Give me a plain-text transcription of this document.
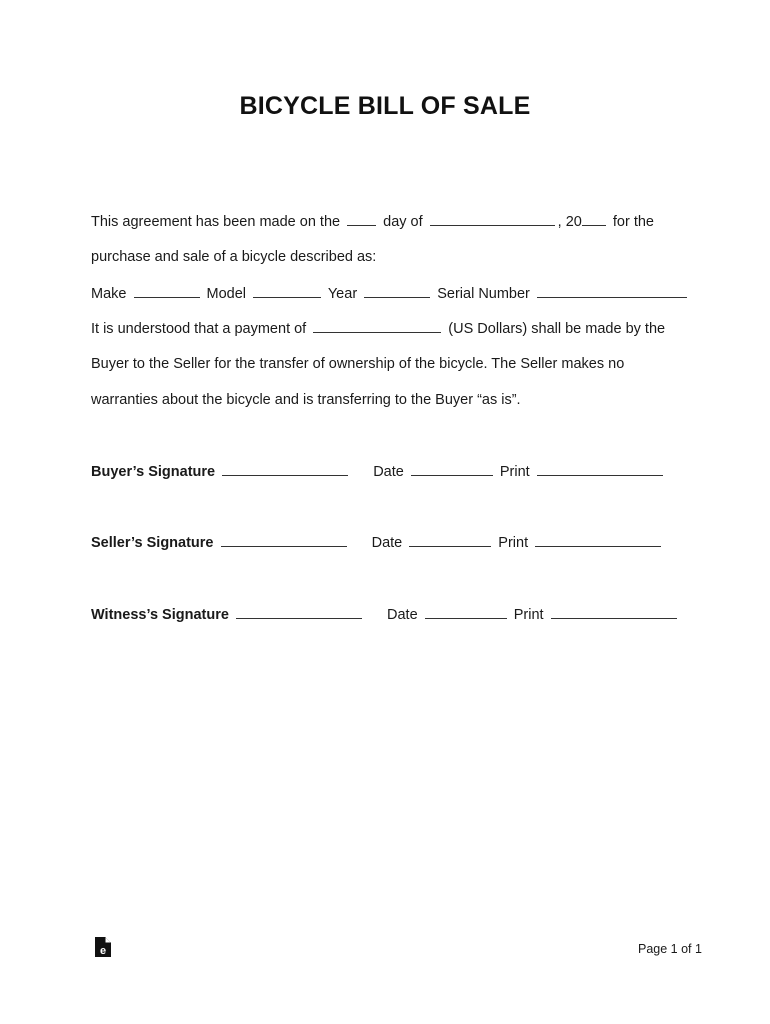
BICYCLE BILL OF SALE
This agreement has been made on the	day of	, 20 for the
purchase and sale of a bicycle described as:
Make	Model	Year	Serial Number
It is understood that a payment of	(US Dollars) shall be made by the
Buyer to the Seller for the transfer of ownership of the bicycle. The Seller makes no
warranties about the bicycle and is transferring to the Buyer “as is”.
Buyer’s Signature	Date	Print
Seller’s Signature	Date	Print
Witness’s Signature	Date	Print
e	Page 1 of 1
